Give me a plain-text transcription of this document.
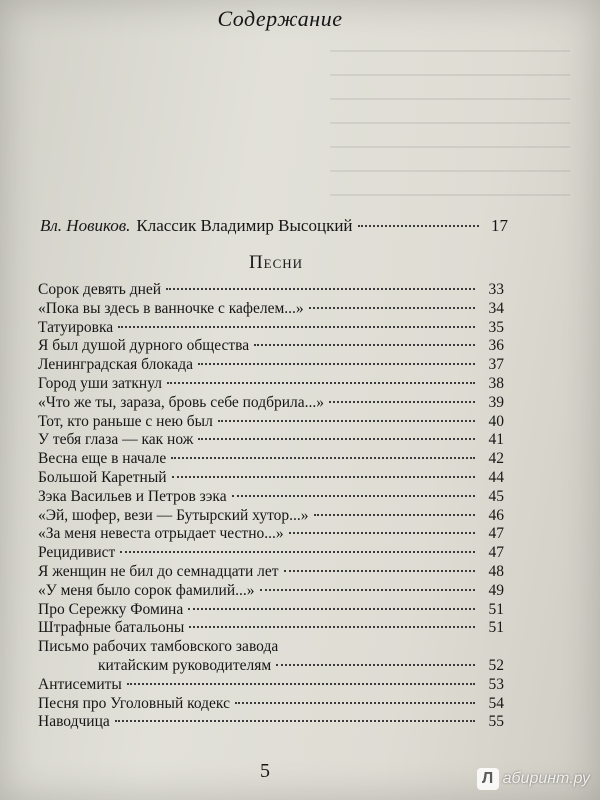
Содержание
Вл. Новиков. Классик Владимир Высоцкий	17
Песни
Сорок девять дней	33
«Пока вы здесь в ванночке с кафелем...»	34
Татуировка	35
Я был душой дурного общества	36
Ленинградская блокада	37
Город уши заткнул	38
«Что же ты, зараза, бровь себе подбрила...»	39
Тот, кто раньше с нею был	40
У тебя глаза — как нож	41
Весна еще в начале	42
Большой Каретный	44
Зэка Васильев и Петров зэка	45
«Эй, шофер, вези — Бутырский хутор...»	46
«За меня невеста отрыдает честно...»	47
Рецидивист	47
Я женщин не бил до семнадцати лет	48
«У меня было сорок фамилий...»	49
Про Сережку Фомина	51
Штрафные батальоны	51
Письмо рабочих тамбовского завода
китайским руководителям	52
Антисемиты	53
Песня про Уголовный кодекс	54
Наводчица	55
5	Л абиринт.ру
